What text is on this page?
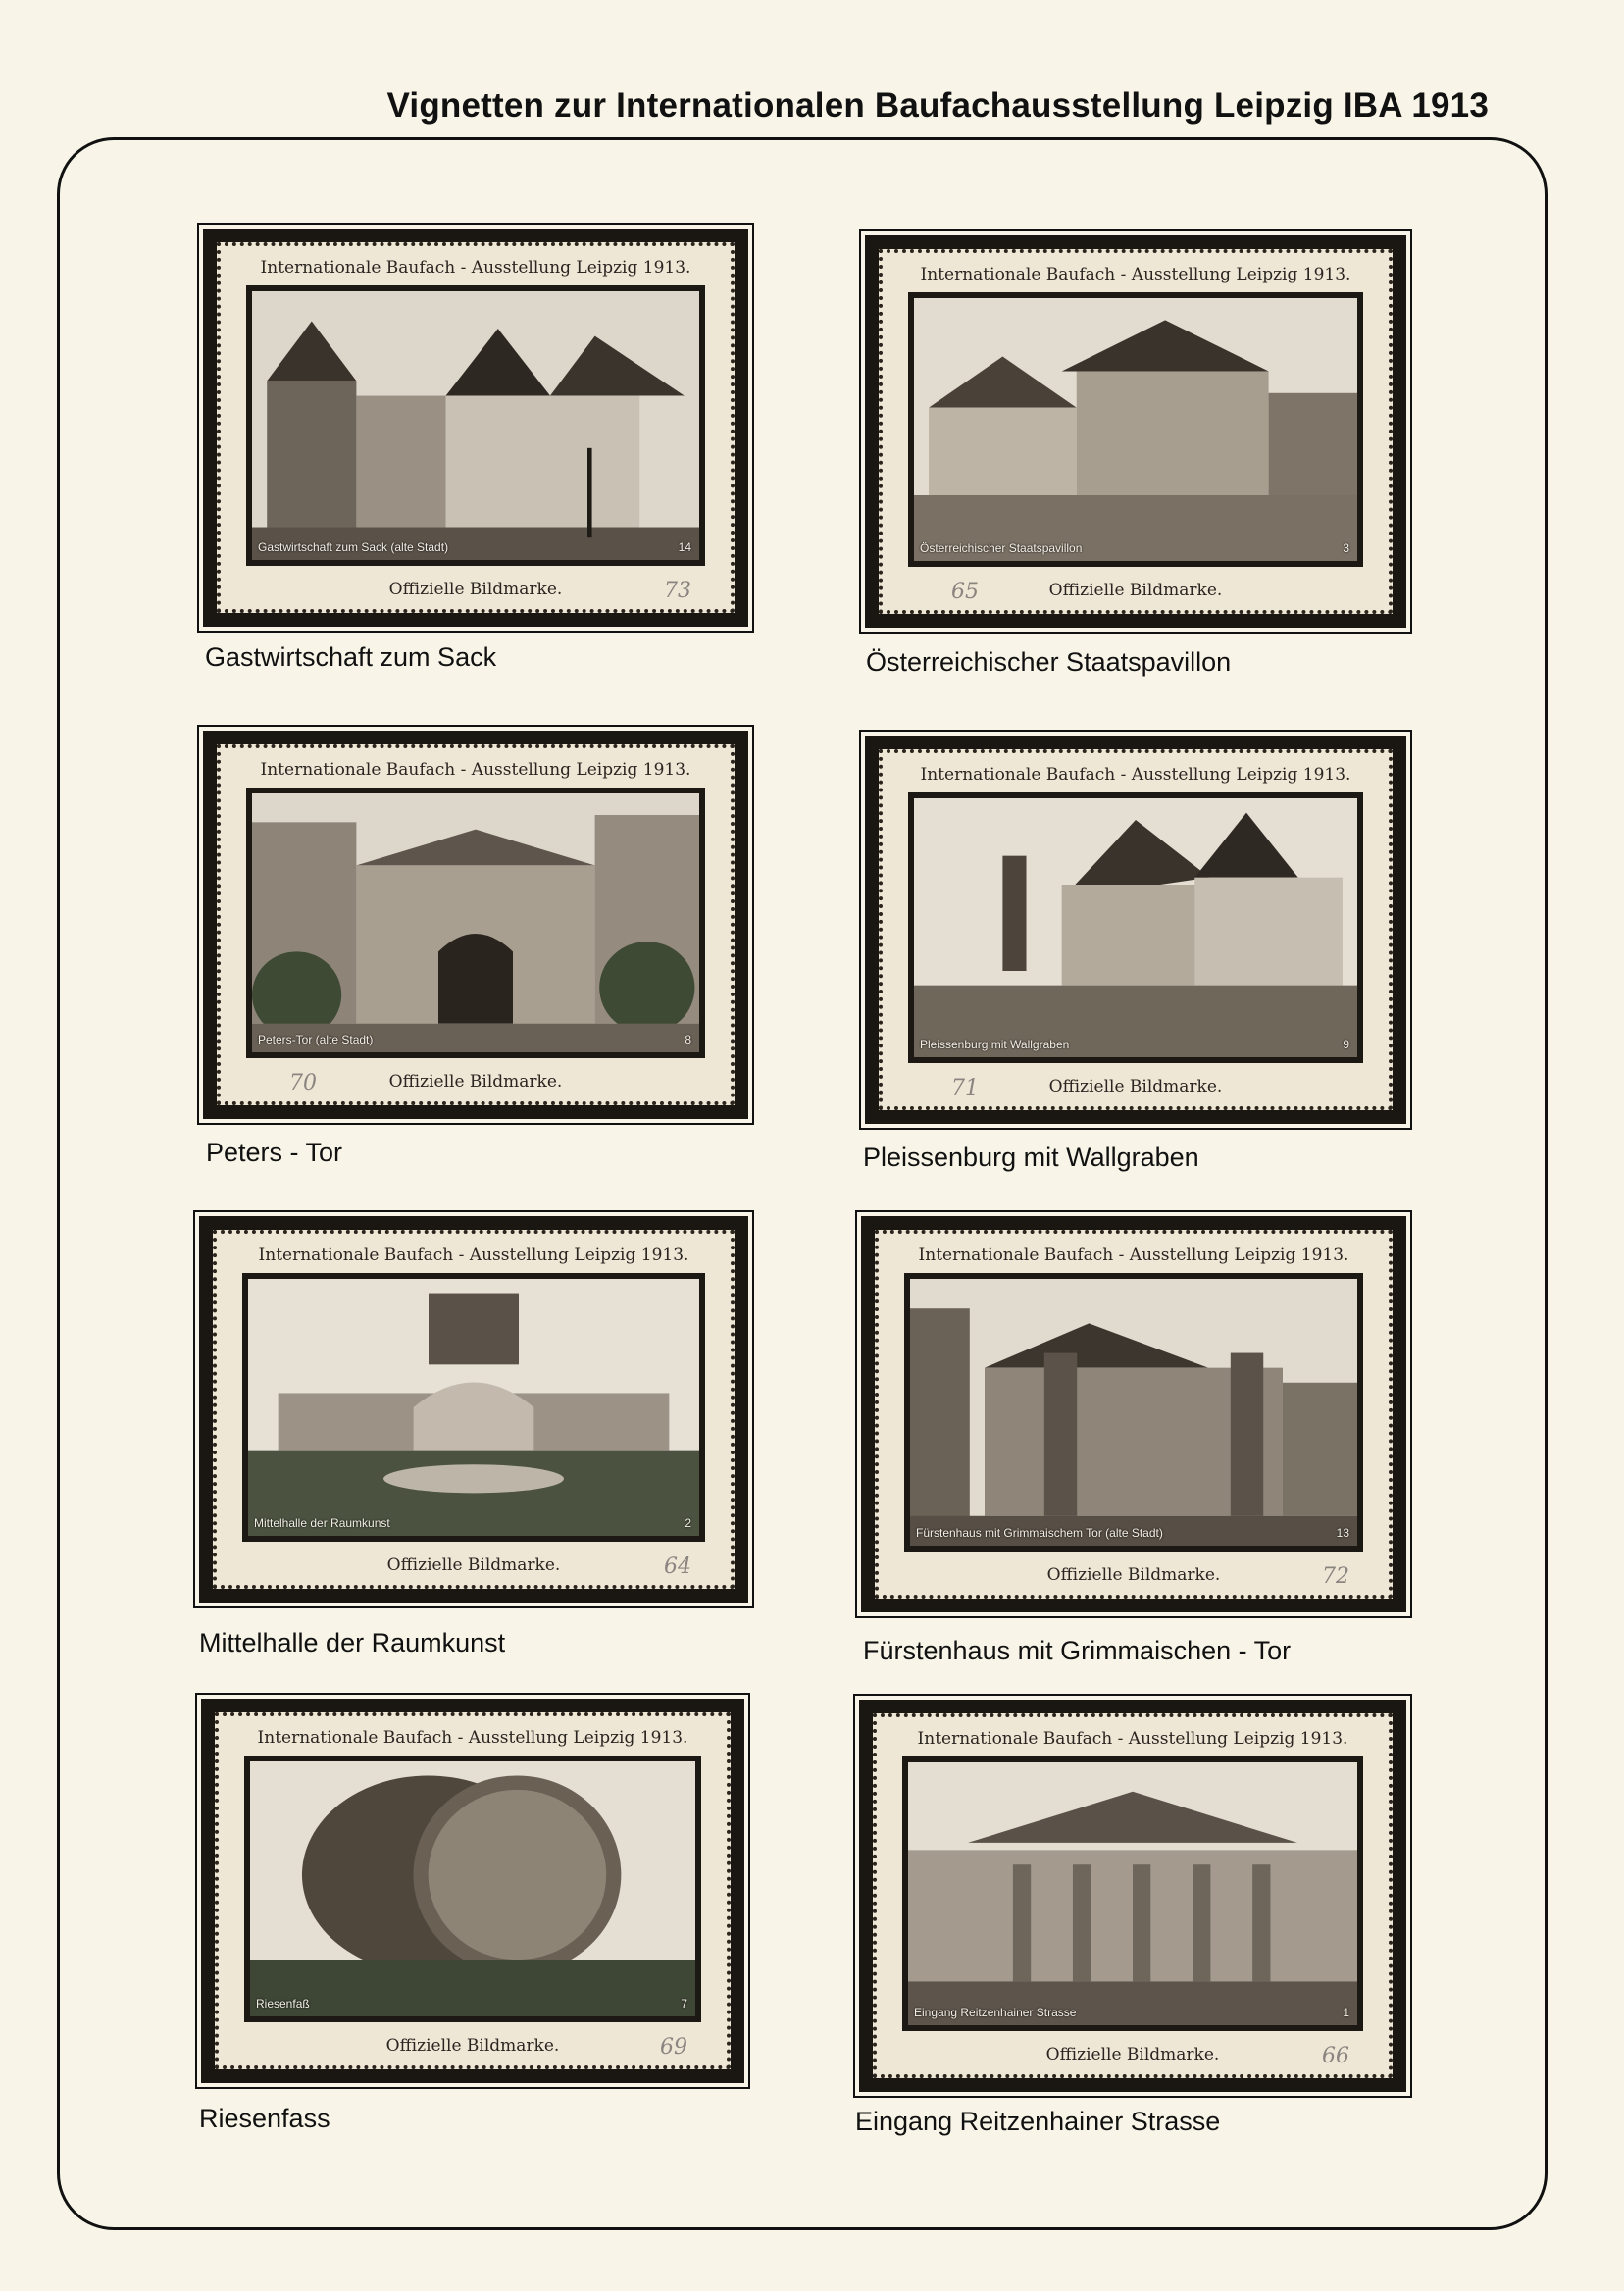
Vignetten zur Internationalen Baufachausstellung Leipzig IBA 1913
Internationale Baufach - Ausstellung Leipzig 1913.
Gastwirtschaft zum Sack (alte Stadt)	14
Offizielle Bildmarke.	73
Gastwirtschaft zum Sack
Internationale Baufach - Ausstellung Leipzig 1913.
Österreichischer Staatspavillon	3
Offizielle Bildmarke.
65
Österreichischer Staatspavillon
Internationale Baufach - Ausstellung Leipzig 1913.
Peters-Tor (alte Stadt)	8
Offizielle Bildmarke.
70
Peters - Tor
Internationale Baufach - Ausstellung Leipzig 1913.
Pleissenburg mit Wallgraben	9
Offizielle Bildmarke.
71
Pleissenburg mit Wallgraben
Internationale Baufach - Ausstellung Leipzig 1913.
Mittelhalle der Raumkunst	2
Offizielle Bildmarke.	64
Mittelhalle der Raumkunst
Internationale Baufach - Ausstellung Leipzig 1913.
Fürstenhaus mit Grimmaischem Tor (alte Stadt)	13
Offizielle Bildmarke.	72
Fürstenhaus mit Grimmaischen - Tor
Internationale Baufach - Ausstellung Leipzig 1913.
Riesenfaß	7
Offizielle Bildmarke.	69
Riesenfass
Internationale Baufach - Ausstellung Leipzig 1913.
Eingang Reitzenhainer Strasse	1
Offizielle Bildmarke.	66
Eingang Reitzenhainer Strasse
